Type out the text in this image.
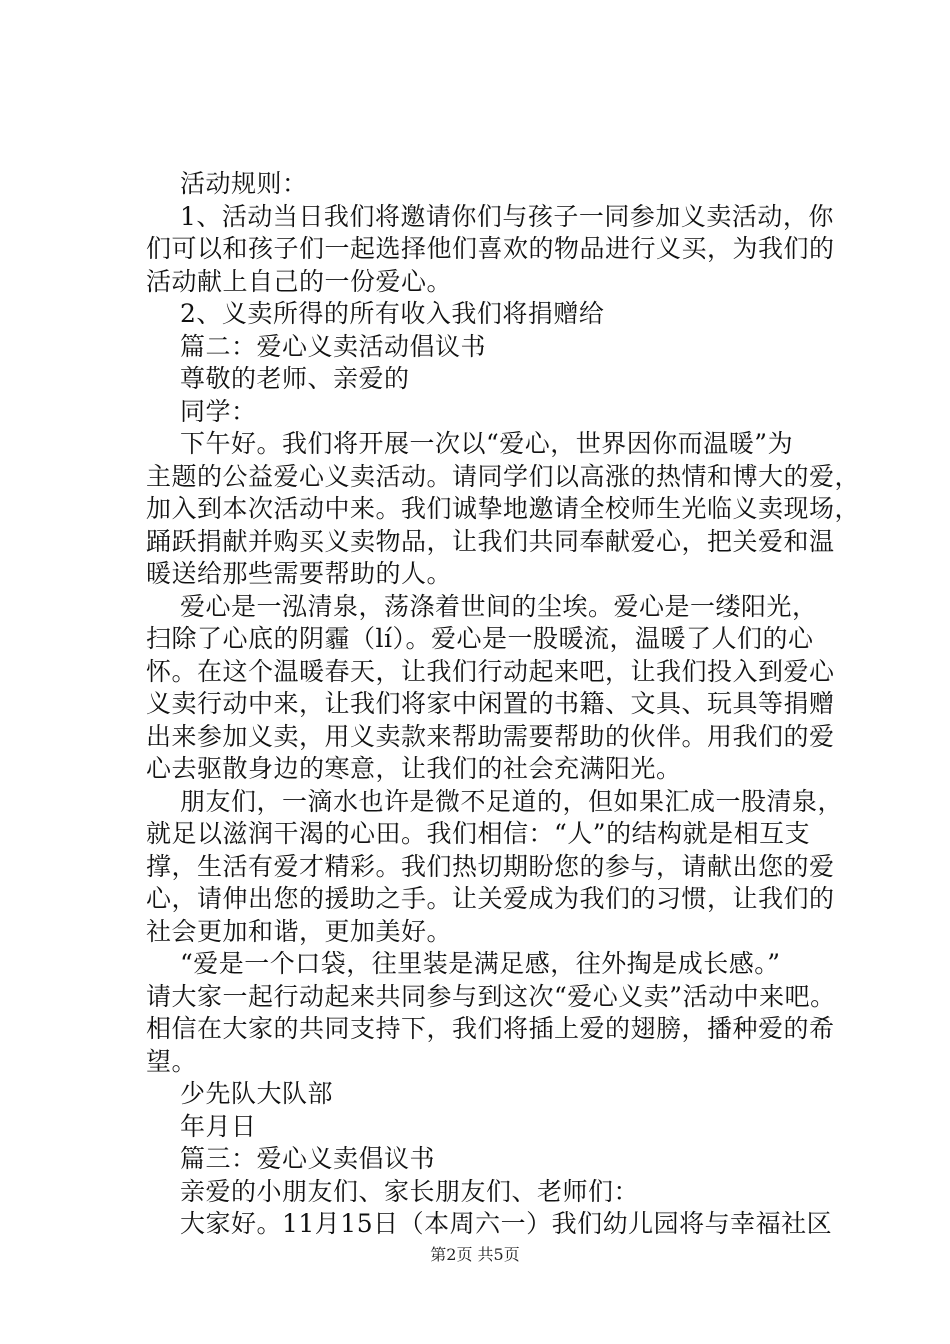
活动规则：
1、活动当日我们将邀请你们与孩子一同参加义卖活动，你
们可以和孩子们一起选择他们喜欢的物品进行义买，为我们的
活动献上自己的一份爱心。
2、义卖所得的所有收入我们将捐赠给
篇二：爱心义卖活动倡议书
尊敬的老师、亲爱的
同学：
下午好。我们将开展一次以“爱心，世界因你而温暖”为
主题的公益爱心义卖活动。请同学们以高涨的热情和博大的爱，
加入到本次活动中来。我们诚挚地邀请全校师生光临义卖现场，
踊跃捐献并购买义卖物品，让我们共同奉献爱心，把关爱和温
暖送给那些需要帮助的人。
爱心是一泓清泉，荡涤着世间的尘埃。爱心是一缕阳光，
扫除了心底的阴霾（lí）。爱心是一股暖流，温暖了人们的心
怀。在这个温暖春天，让我们行动起来吧，让我们投入到爱心
义卖行动中来，让我们将家中闲置的书籍、文具、玩具等捐赠
出来参加义卖，用义卖款来帮助需要帮助的伙伴。用我们的爱
心去驱散身边的寒意，让我们的社会充满阳光。
朋友们，一滴水也许是微不足道的，但如果汇成一股清泉，
就足以滋润干渴的心田。我们相信：“人”的结构就是相互支
撑，生活有爱才精彩。我们热切期盼您的参与，请献出您的爱
心，请伸出您的援助之手。让关爱成为我们的习惯，让我们的
社会更加和谐，更加美好。
“爱是一个口袋，往里装是满足感，往外掏是成长感。”
请大家一起行动起来共同参与到这次“爱心义卖”活动中来吧。
相信在大家的共同支持下，我们将插上爱的翅膀，播种爱的希
望。
少先队大队部
年月日
篇三：爱心义卖倡议书
亲爱的小朋友们、家长朋友们、老师们：
大家好。11月15日（本周六一）我们幼儿园将与幸福社区
第2页 共5页
